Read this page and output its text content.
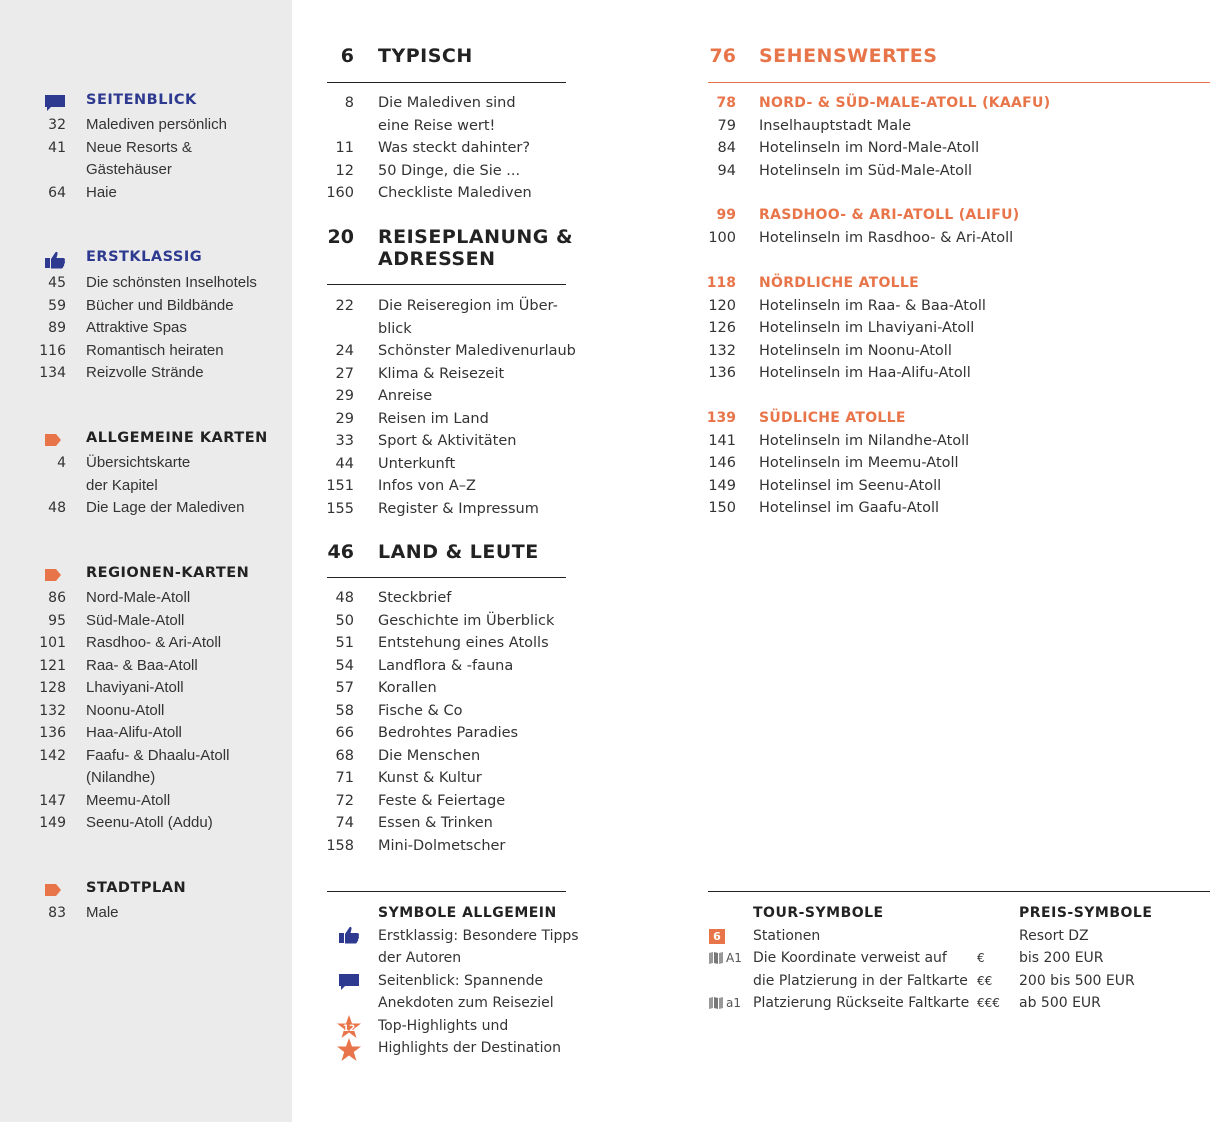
SEITENBLICK
32 Malediven persönlich
41 Neue Resorts &
Gästehäuser
64 Haie
ERSTKLASSIG
45 Die schönsten Inselhotels
59 Bücher und Bildbände
89 Attraktive Spas
116 Romantisch heiraten
134 Reizvolle Strände
ALLGEMEINE KARTEN
4 Übersichtskarte
der Kapitel
48 Die Lage der Malediven
REGIONEN-KARTEN
86 Nord-Male-Atoll
95 Süd-Male-Atoll
101 Rasdhoo- & Ari-Atoll
121 Raa- & Baa-Atoll
128 Lhaviyani-Atoll
132 Noonu-Atoll
136 Haa-Alifu-Atoll
142 Faafu- & Dhaalu-Atoll
(Nilandhe)
147 Meemu-Atoll
149 Seenu-Atoll (Addu)
STADTPLAN
83 Male
6 TYPISCH
8 Die Malediven sind
eine Reise wert!
11 Was steckt dahinter?
12 50 Dinge, die Sie ...
160 Checkliste Malediven
20 REISEPLANUNG &
ADRESSEN
22 Die Reiseregion im Über-
blick
24 Schönster Maledivenurlaub
27 Klima & Reisezeit
29 Anreise
29 Reisen im Land
33 Sport & Aktivitäten
44 Unterkunft
151 Infos von A–Z
155 Register & Impressum
46 LAND & LEUTE
48 Steckbrief
50 Geschichte im Überblick
51 Entstehung eines Atolls
54 Landflora & -fauna
57 Korallen
58 Fische & Co
66 Bedrohtes Paradies
68 Die Menschen
71 Kunst & Kultur
72 Feste & Feiertage
74 Essen & Trinken
158 Mini-Dolmetscher
76 SEHENSWERTES
78 NORD- & SÜD-MALE-ATOLL (KAAFU)
79 Inselhauptstadt Male
84 Hotelinseln im Nord-Male-Atoll
94 Hotelinseln im Süd-Male-Atoll
99 RASDHOO- & ARI-ATOLL (ALIFU)
100 Hotelinseln im Rasdhoo- & Ari-Atoll
118 NÖRDLICHE ATOLLE
120 Hotelinseln im Raa- & Baa-Atoll
126 Hotelinseln im Lhaviyani-Atoll
132 Hotelinseln im Noonu-Atoll
136 Hotelinseln im Haa-Alifu-Atoll
139 SÜDLICHE ATOLLE
141 Hotelinseln im Nilandhe-Atoll
146 Hotelinseln im Meemu-Atoll
149 Hotelinsel im Seenu-Atoll
150 Hotelinsel im Gaafu-Atoll
SYMBOLE ALLGEMEIN
Erstklassig: Besondere Tipps
der Autoren
Seitenblick: Spannende
Anekdoten zum Reiseziel
Top-Highlights und
Highlights der Destination
12
TOUR-SYMBOLE
6 Stationen
A1 Die Koordinate verweist auf
die Platzierung in der Faltkarte
a1 Platzierung Rückseite Faltkarte
PREIS-SYMBOLE
Resort DZ
€ bis 200 EUR
€€ 200 bis 500 EUR
€€€ ab 500 EUR
